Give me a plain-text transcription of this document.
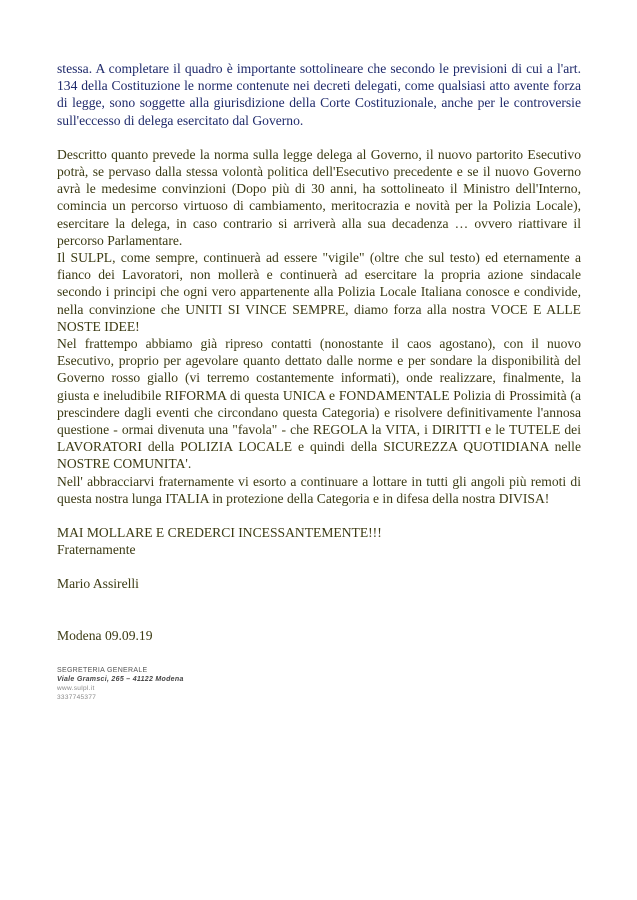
stessa. A completare il quadro è importante sottolineare che secondo le previsioni di cui a l'art. 134 della Costituzione le norme contenute nei decreti delegati, come qualsiasi atto avente forza di legge, sono soggette alla giurisdizione della Corte Costituzionale, anche per le controversie sull'eccesso di delega esercitato dal Governo.

Descritto quanto prevede la norma sulla legge delega al Governo, il nuovo partorito Esecutivo potrà, se pervaso dalla stessa volontà politica dell'Esecutivo precedente e se il nuovo Governo avrà le medesime convinzioni (Dopo più di 30 anni, ha sottolineato il Ministro dell'Interno, comincia un percorso virtuoso di cambiamento, meritocrazia e novità per la Polizia Locale), esercitare la delega, in caso contrario si arriverà alla sua decadenza … ovvero riattivare il percorso Parlamentare.

Il SULPL, come sempre, continuerà ad essere "vigile" (oltre che sul testo) ed eternamente a fianco dei Lavoratori, non mollerà e continuerà ad esercitare la propria azione sindacale secondo i principi che ogni vero appartenente alla Polizia Locale Italiana conosce e condivide, nella convinzione che UNITI SI VINCE SEMPRE, diamo forza alla nostra VOCE E ALLE NOSTE IDEE!

Nel frattempo abbiamo già ripreso contatti (nonostante il caos agostano), con il nuovo Esecutivo, proprio per agevolare quanto dettato dalle norme e per sondare la disponibilità del Governo rosso giallo (vi terremo costantemente informati), onde realizzare, finalmente, la giusta e ineludibile RIFORMA di questa UNICA e FONDAMENTALE Polizia di Prossimità (a prescindere dagli eventi che circondano questa Categoria) e risolvere definitivamente l'annosa questione - ormai divenuta una "favola" - che REGOLA la VITA, i DIRITTI e le TUTELE dei LAVORATORI della POLIZIA LOCALE e quindi della SICUREZZA QUOTIDIANA nelle NOSTRE COMUNITA'.

Nell' abbracciarvi fraternamente vi esorto a continuare a lottare in tutti gli angoli più remoti di questa nostra lunga ITALIA in protezione della Categoria e in difesa della nostra DIVISA!

MAI MOLLARE E CREDERCI INCESSANTEMENTE!!!

Fraternamente

Mario Assirelli

Modena 09.09.19

SEGRETERIA GENERALE
Viale Gramsci, 265 – 41122 Modena
www.sulpl.it
3337745377
